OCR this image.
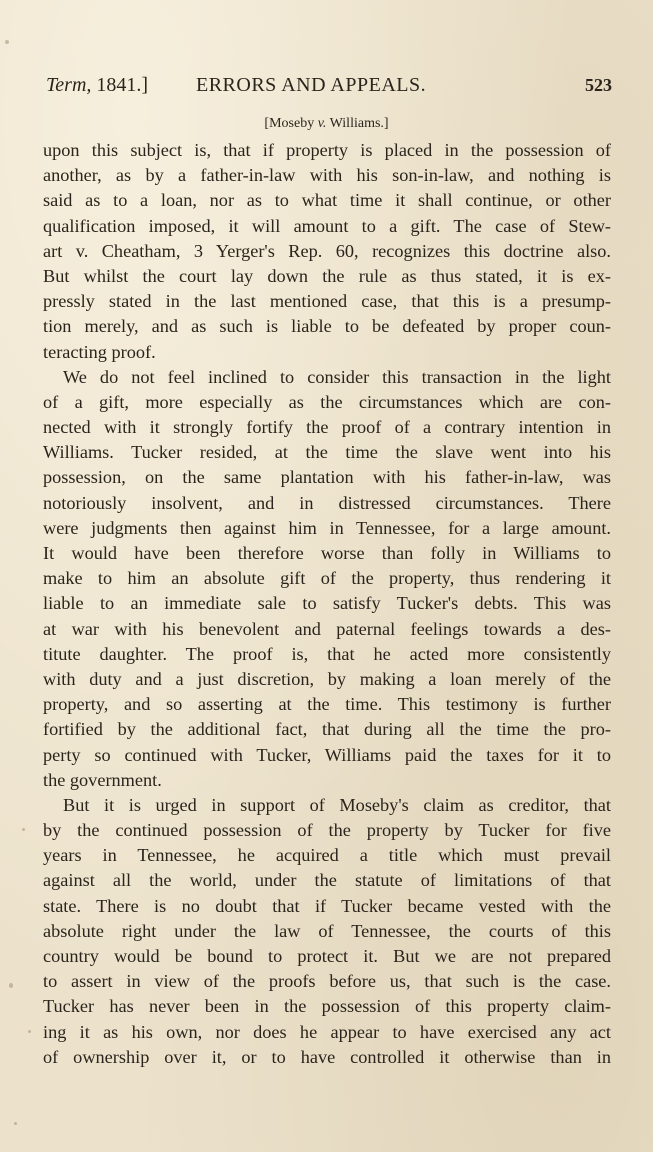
Term, 1841.] ERRORS AND APPEALS.	523
[Moseby v. Williams.]
upon this subject is, that if property is placed in the possession of
another, as by a father-in-law with his son-in-law, and nothing is
said as to a loan, nor as to what time it shall continue, or other
qualification imposed, it will amount to a gift. The case of Stew-
art v. Cheatham, 3 Yerger's Rep. 60, recognizes this doctrine also.
But whilst the court lay down the rule as thus stated, it is ex-
pressly stated in the last mentioned case, that this is a presump-
tion merely, and as such is liable to be defeated by proper coun-
teracting proof.
We do not feel inclined to consider this transaction in the light
of a gift, more especially as the circumstances which are con-
nected with it strongly fortify the proof of a contrary intention in
Williams. Tucker resided, at the time the slave went into his
possession, on the same plantation with his father-in-law, was
notoriously insolvent, and in distressed circumstances. There
were judgments then against him in Tennessee, for a large amount.
It would have been therefore worse than folly in Williams to
make to him an absolute gift of the property, thus rendering it
liable to an immediate sale to satisfy Tucker's debts. This was
at war with his benevolent and paternal feelings towards a des-
titute daughter. The proof is, that he acted more consistently
with duty and a just discretion, by making a loan merely of the
property, and so asserting at the time. This testimony is further
fortified by the additional fact, that during all the time the pro-
perty so continued with Tucker, Williams paid the taxes for it to
the government.
But it is urged in support of Moseby's claim as creditor, that
by the continued possession of the property by Tucker for five
years in Tennessee, he acquired a title which must prevail
against all the world, under the statute of limitations of that
state. There is no doubt that if Tucker became vested with the
absolute right under the law of Tennessee, the courts of this
country would be bound to protect it. But we are not prepared
to assert in view of the proofs before us, that such is the case.
Tucker has never been in the possession of this property claim-
ing it as his own, nor does he appear to have exercised any act
of ownership over it, or to have controlled it otherwise than in
